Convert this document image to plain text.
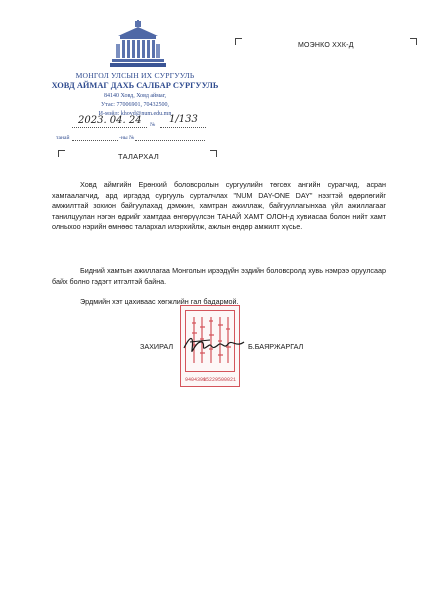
МОНГОЛ УЛСЫН ИХ СУРГУУЛЬ
ХОВД АЙМАГ ДАХЬ САЛБАР СУРГУУЛЬ
84140 Ховд, Ховд аймаг,
Утас: 77006901, 70432500,
И-мэйл: khovd@num.edu.mn
2023. 04. 24 № 1/133
танай	-ны №
МОЭНКО ХХК-Д
ТАЛАРХАЛ
Ховд аймгийн Ерөнхий боловсролын сургуулийн төгсөх ангийн сурагчид, асран хамгаалагчид, ард иргэдэд сургууль сурталчлах "NUM DAY-ONE DAY" нэзгтэй өдөрлөгийг амжилттай зохион байгуулахад дэмжин, хамтран ажиллаж, байгууллагынхаа үйл ажиллагааг танилцуулан нэгэн өдрийг хамтдаа өнгөрүүлсэн ТАНАЙ ХАМТ ОЛОН-д хувиасаа болон нийт хамт олныхоо нэрийн өмнөөс талархал илэрхийлж, ажлын өндөр амжилт хүсье.
Бидний хамтын ажиллагаа Монголын ирээдүйн эздийн боловсролд хувь нэмрээ оруулсаар байх болно гэдэгт итгэлтэй байна.
Эрдмийн хэт цахиваас хөгжлийн гал бадармой.
9404399
15229500021
ЗАХИРАЛ	Б.БАЯРЖАРГАЛ
